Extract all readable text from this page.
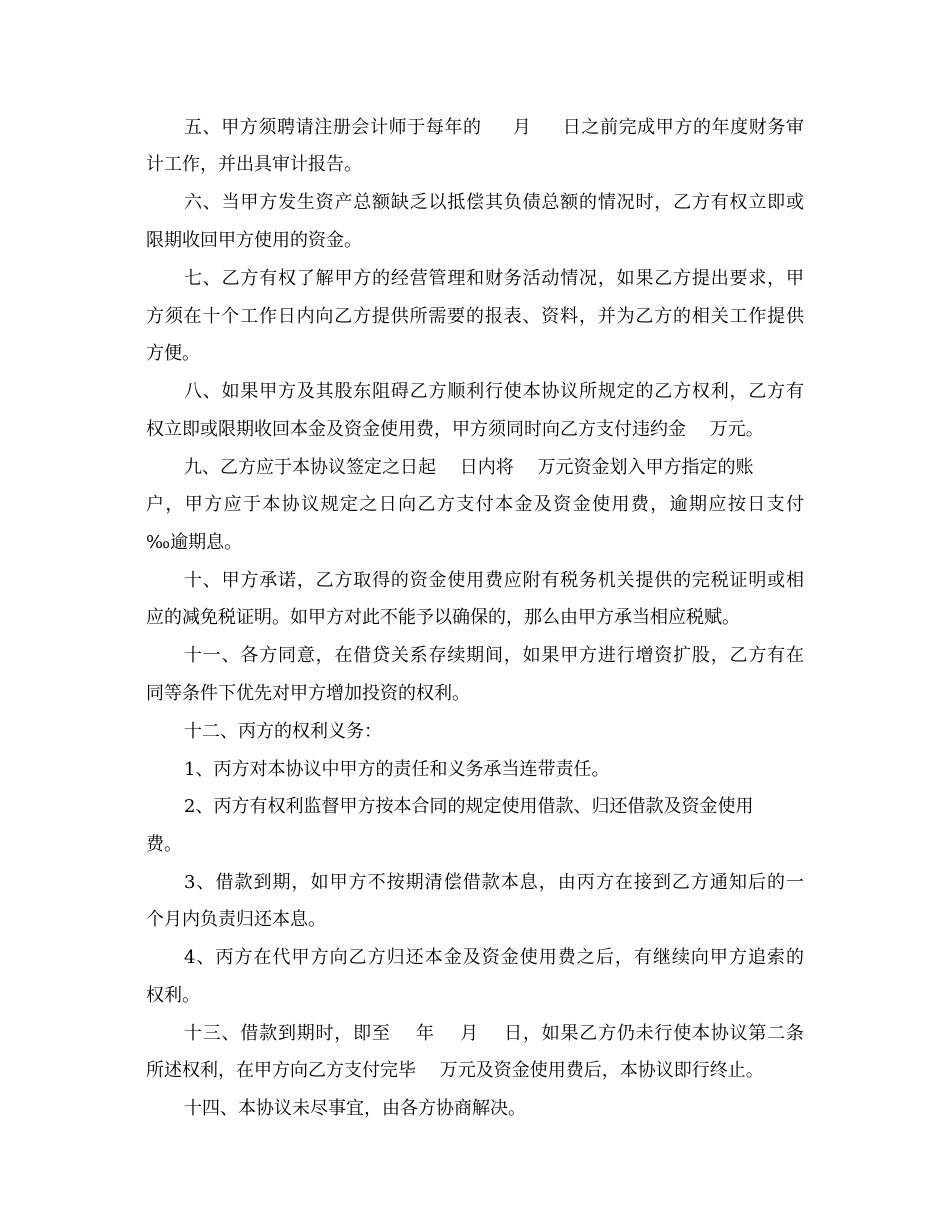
五、甲方须聘请注册会计师于每年的　  月　  日之前完成甲方的年度财务审
计工作，并出具审计报告。
六、当甲方发生资产总额缺乏以抵偿其负债总额的情况时，乙方有权立即或
限期收回甲方使用的资金。
七、乙方有权了解甲方的经营管理和财务活动情况，如果乙方提出要求，甲
方须在十个工作日内向乙方提供所需要的报表、资料，并为乙方的相关工作提供
方便。
八、如果甲方及其股东阻碍乙方顺利行使本协议所规定的乙方权利，乙方有
权立即或限期收回本金及资金使用费，甲方须同时向乙方支付违约金　 万元。
九、乙方应于本协议签定之日起　 日内将　 万元资金划入甲方指定的账
户，甲方应于本协议规定之日向乙方支付本金及资金使用费，逾期应按日支付
‰逾期息。
十、甲方承诺，乙方取得的资金使用费应附有税务机关提供的完税证明或相
应的减免税证明。如甲方对此不能予以确保的，那么由甲方承当相应税赋。
十一、各方同意，在借贷关系存续期间，如果甲方进行增资扩股，乙方有在
同等条件下优先对甲方增加投资的权利。
十二、丙方的权利义务：
1、丙方对本协议中甲方的责任和义务承当连带责任。
2、丙方有权利监督甲方按本合同的规定使用借款、归还借款及资金使用
费。
3、借款到期，如甲方不按期清偿借款本息，由丙方在接到乙方通知后的一
个月内负责归还本息。
4、丙方在代甲方向乙方归还本金及资金使用费之后，有继续向甲方追索的
权利。
十三、借款到期时，即至　 年　 月　 日，如果乙方仍未行使本协议第二条
所述权利，在甲方向乙方支付完毕　 万元及资金使用费后，本协议即行终止。
十四、本协议未尽事宜，由各方协商解决。
